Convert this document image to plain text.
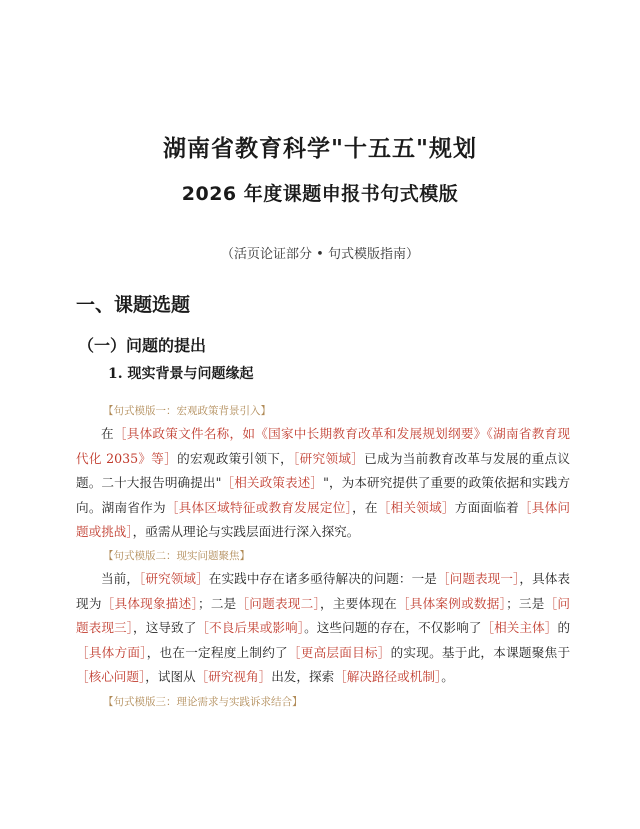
湖南省教育科学"十五五"规划
2026 年度课题申报书句式模版
（活页论证部分 • 句式模版指南）
一、课题选题
（一）问题的提出
1. 现实背景与问题缘起
【句式模版一：宏观政策背景引入】
在［具体政策文件名称，如《国家中长期教育改革和发展规划纲要》《湖南省教育现代化 2035》等］的宏观政策引领下，［研究领域］已成为当前教育改革与发展的重点议题。二十大报告明确提出"［相关政策表述］"，为本研究提供了重要的政策依据和实践方向。湖南省作为［具体区域特征或教育发展定位］，在［相关领域］方面面临着［具体问题或挑战］，亟需从理论与实践层面进行深入探究。
【句式模版二：现实问题聚焦】
当前，［研究领域］在实践中存在诸多亟待解决的问题：一是［问题表现一］，具体表现为［具体现象描述］；二是［问题表现二］，主要体现在［具体案例或数据］；三是［问题表现三］，这导致了［不良后果或影响］。这些问题的存在，不仅影响了［相关主体］的［具体方面］，也在一定程度上制约了［更高层面目标］的实现。基于此，本课题聚焦于［核心问题］，试图从［研究视角］出发，探索［解决路径或机制］。
【句式模版三：理论需求与实践诉求结合】
